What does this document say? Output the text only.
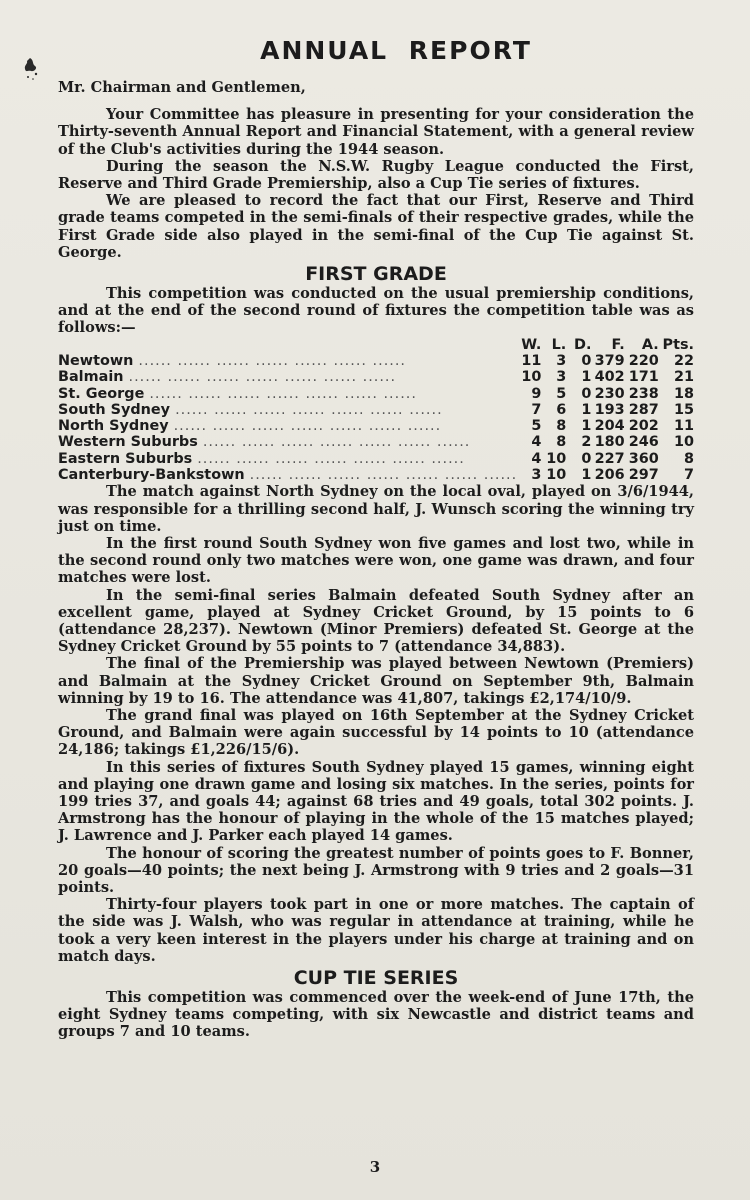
ANNUAL REPORT

Mr. Chairman and Gentlemen,

Your Committee has pleasure in presenting for your consideration the Thirty-seventh Annual Report and Financial Statement, with a general review of the Club's activities during the 1944 season.

During the season the N.S.W. Rugby League conducted the First, Reserve and Third Grade Premiership, also a Cup Tie series of fixtures.

We are pleased to record the fact that our First, Reserve and Third grade teams competed in the semi-finals of their respective grades, while the First Grade side also played in the semi-final of the Cup Tie against St. George.

FIRST GRADE

This competition was conducted on the usual premiership conditions, and at the end of the second round of fixtures the competition table was as follows:—

	W.	L.	D.	F.	A.	Pts.
Newtown ...... ...... ...... ...... ...... ...... ......	11	3	0	379	220	22
Balmain ...... ...... ...... ...... ...... ...... ......	10	3	1	402	171	21
St. George ...... ...... ...... ...... ...... ...... ......	9	5	0	230	238	18
South Sydney ...... ...... ...... ...... ...... ...... ......	7	6	1	193	287	15
North Sydney ...... ...... ...... ...... ...... ...... ......	5	8	1	204	202	11
Western Suburbs ...... ...... ...... ...... ...... ...... ......	4	8	2	180	246	10
Eastern Suburbs ...... ...... ...... ...... ...... ...... ......	4	10	0	227	360	8
Canterbury-Bankstown ...... ...... ...... ...... ...... ...... ......	3	10	1	206	297	7

The match against North Sydney on the local oval, played on 3/6/1944, was responsible for a thrilling second half, J. Wunsch scoring the winning try just on time.

In the first round South Sydney won five games and lost two, while in the second round only two matches were won, one game was drawn, and four matches were lost.

In the semi-final series Balmain defeated South Sydney after an excellent game, played at Sydney Cricket Ground, by 15 points to 6 (attendance 28,237). Newtown (Minor Premiers) defeated St. George at the Sydney Cricket Ground by 55 points to 7 (attendance 34,883).

The final of the Premiership was played between Newtown (Premiers) and Balmain at the Sydney Cricket Ground on September 9th, Balmain winning by 19 to 16. The attendance was 41,807, takings £2,174/10/9.

The grand final was played on 16th September at the Sydney Cricket Ground, and Balmain were again successful by 14 points to 10 (attendance 24,186; takings £1,226/15/6).

In this series of fixtures South Sydney played 15 games, winning eight and playing one drawn game and losing six matches. In the series, points for 199 tries 37, and goals 44; against 68 tries and 49 goals, total 302 points. J. Armstrong has the honour of playing in the whole of the 15 matches played; J. Lawrence and J. Parker each played 14 games.

The honour of scoring the greatest number of points goes to F. Bonner, 20 goals—40 points; the next being J. Armstrong with 9 tries and 2 goals—31 points.

Thirty-four players took part in one or more matches. The captain of the side was J. Walsh, who was regular in attendance at training, while he took a very keen interest in the players under his charge at training and on match days.

CUP TIE SERIES

This competition was commenced over the week-end of June 17th, the eight Sydney teams competing, with six Newcastle and district teams and groups 7 and 10 teams.

3
